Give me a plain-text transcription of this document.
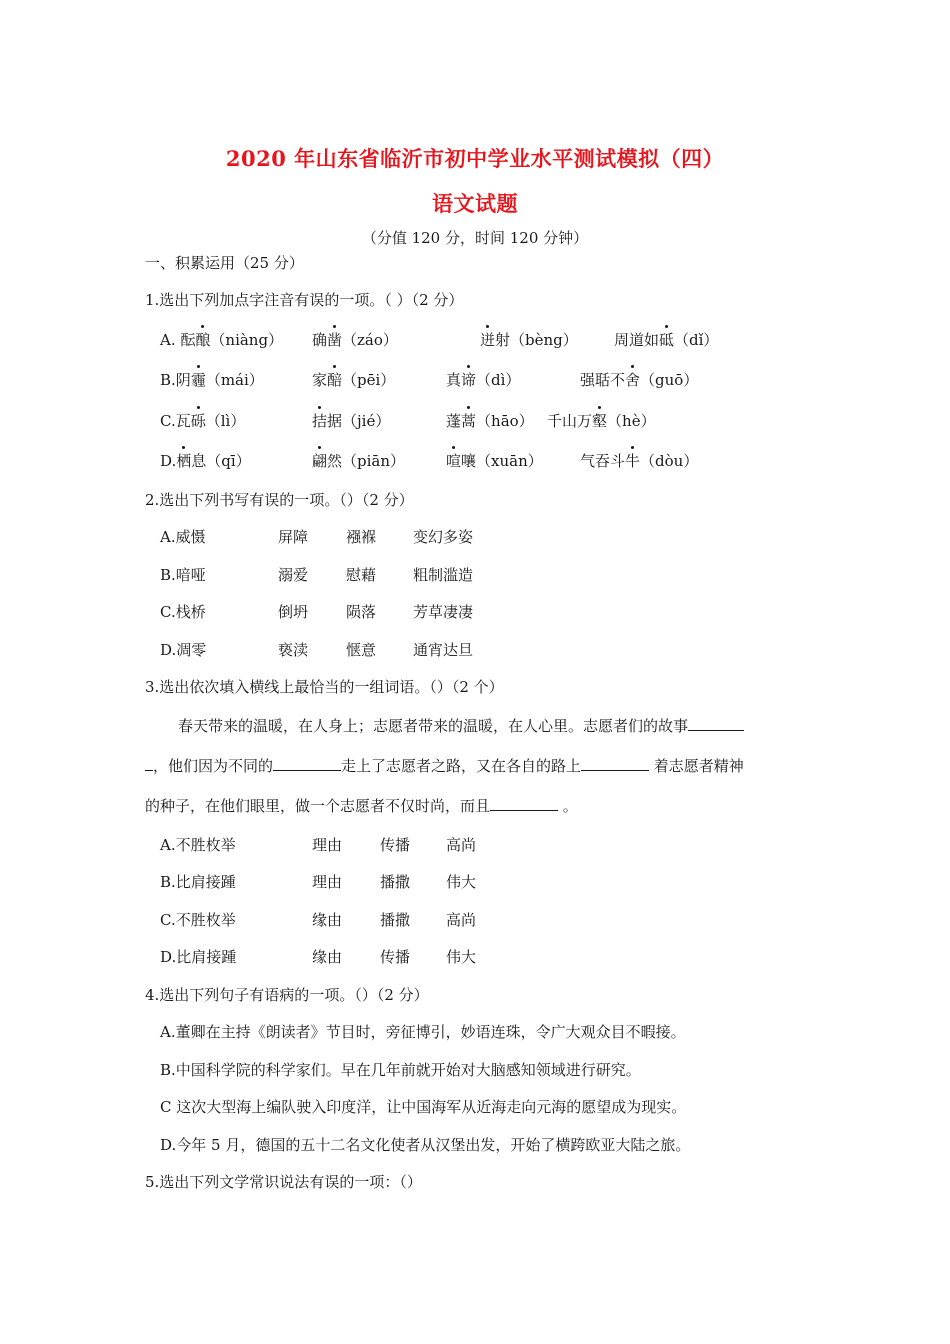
2020 年山东省临沂市初中学业水平测试模拟（四）
语文试题
（分值 120 分，时间 120 分钟）
一、积累运用（25 分）
1.选出下列加点字注音有误的一项。（ ）（2 分）
A. 酝酿（niàng） 确凿（záo）	迸射（bèng） 周道如砥（dǐ）
B.阴霾（mái）	家醅（pēi）	真谛（dì）	强聒不舍（guō）
C.瓦砾（lì）	拮据（jié）	蓬蒿（hāo） 千山万壑（hè）
D.栖息（qī）	翩然（piān）	喧嚷（xuān） 气吞斗牛（dòu）
2.选出下列书写有误的一项。（）（2 分）
A.威慑	屏障	襁褓 变幻多姿
B.喑哑	溺爱	慰藉 粗制滥造
C.栈桥	倒坍	陨落 芳草凄凄
D.凋零	亵渎	惬意 通宵达旦
3.选出依次填入横线上最恰当的一组词语。（）（2 个）
春天带来的温暖，在人身上；志愿者带来的温暖，在人心里。志愿者们的故事
，他们因为不同的	走上了志愿者之路，又在各自的路上	着志愿者精神
的种子，在他们眼里，做一个志愿者不仅时尚，而且	。
A.不胜枚举	理由	传播 高尚
B.比肩接踵	理由	播撒 伟大
C.不胜枚举	缘由	播撒 高尚
D.比肩接踵	缘由	传播 伟大
4.选出下列句子有语病的一项。（）（2 分）
A.董卿在主持《朗读者》节目时，旁征博引，妙语连珠，令广大观众目不暇接。
B.中国科学院的科学家们。早在几年前就开始对大脑感知领域进行研究。
C 这次大型海上编队驶入印度洋，让中国海军从近海走向元海的愿望成为现实。
D.今年 5 月，德国的五十二名文化使者从汉堡出发，开始了横跨欧亚大陆之旅。
5.选出下列文学常识说法有误的一项：（）
